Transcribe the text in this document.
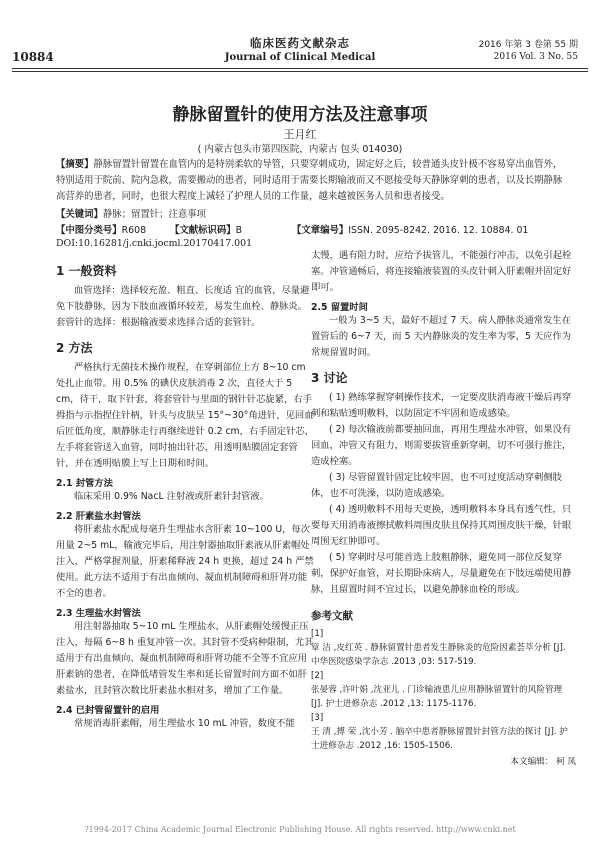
10884
临床医药文献杂志
Journal of Clinical Medical
2016 年第 3 卷第 55 期
2016 Vol. 3 No. 55
静脉留置针的使用方法及注意事项
王月红
( 内蒙古包头市第四医院，内蒙古 包头 014030)
【摘要】静脉留置针留置在血管内的是特别柔软的导管，只要穿刺成功，固定好之后，较普通头皮针极不容易穿出血管外，特别适用于院前、院内急救，需要搬动的患者，同时适用于需要长期输液而又不愿接受每天静脉穿刺的患者，以及长期静脉高营养的患者，同时，也很大程度上减轻了护理人员的工作量，越来越被医务人员和患者接受。
【关键词】静脉；留置针；注意事项
【中图分类号】R608	【文献标识码】B	【文章编号】ISSN. 2095-8242. 2016. 12. 10884. 01
DOI:10.16281/j.cnki.jocml.20170417.001
1 一般资料

血管选择：选择较充盈、粗直、长度适 宜的血管，尽量避免下肢静脉，因为下肢血液循环较差，易发生血栓、静脉炎。套管针的选择：根据输液要求选择合适的套管针。

2 方法

严格执行无菌技术操作规程，在穿刺部位上方 8~10 cm 处扎止血带。用 0.5% 的碘伏皮肤消毒 2 次，直径大于 5 cm，待干，取下针套，将套管针与里面的钢针针芯旋紧，右手拇指与示指捏住针柄，针头与皮肤呈 15°~30°角进针，见回血后匠低角度，顺静脉走行再继续进针 0.2 cm，右手固定针芯，左手将套管送入血管，同时抽出针芯，用透明贴膜固定套管针，并在透明贴膜上写上日期和时间。

2.1 封管方法

临床采用 0.9% NacL 注射液或肝素针封管液。

2.2 肝素盐水封管法

将肝素盐水配成每毫升生理盐水含肝素 10~100 U，每次用量 2~5 mL，输液完毕后，用注射器抽取肝素液从肝素帽处注入，严格掌握剂量，肝素稀释液 24 h 更换，超过 24 h 严禁使用。此方法不适用于有出血倾向、凝血机制障碍和肝肾功能不全的患者。

2.3 生理盐水封管法

用注射器抽取 5~10 mL 生理盐水，从肝素帽处缓慢正压注入，每隔 6~8 h 重复冲管一次。其封管不受病种限制，尤其适用于有出血倾向、凝血机制障碍和肝肾功能不全等不宜应用肝素钠的患者，在降低堵管发生率和延长留置时间方面不如肝素盐水，且封管次数比肝素盐水相对多，增加了工作量。

2.4 已封管留置针的启用

常规消毒肝素帽，用生理盐水 10 mL 冲管，数度不能

太慢，遇有阻力时，应给予拔管儿，不能强行冲击，以免引起栓塞。冲管通畅后，将连接输液装置的头皮针刺入肝素帽并固定好即可。

2.5 留置时间

一般为 3~5 天，最好不超过 7 天。病人静脉炎通常发生在置管后的 6~7 天，而 5 天内静脉炎的发生率为零，5 天应作为常规留置时间。

3 讨论

( 1) 熟练掌握穿刺操作技术，一定要皮肤消毒液干燥后再穿刺和粘贴透明敷料，以防固定不牢固和造成感染。

( 2) 每次输液前都要抽回血，再用生理盐水冲管，如果没有回血，冲管又有阻力，则需要拔管重新穿刺，切不可强行推注，造成栓塞。

( 3) 尽管留置针固定比较牢固，也不可过度活动穿刺侧肢体，也不可洗澡，以防造成感染。

( 4) 透明敷料不用每天更换，透明敷料本身具有透气性，只要每天用消毒液擦拭敷料周围皮肤且保持其周围皮肤干燥，针眼周围无红肿即可。

( 5) 穿刺时尽可能首选上肢粗静脉，避免同一部位反复穿刺，保护好血管，对长期卧床病人，尽量避免在下肢远端使用静脉，且留置时间不宜过长，以避免静脉血栓的形成。

参考文献
[1]章 洁 ,皮红英 . 静脉留置针患者发生静脉炎的危险因素荟萃分析 [J]. 中华医院感染学杂志 .2013 ,03: 517-519.
[2]张晏蓉 ,许叶娟 ,沈亚儿 . 门诊输液患儿应用静脉留置针的风险管理 [J]. 护士进修杂志 .2012 ,13: 1175-1176.
[3]王 清 ,搏 荣 ,沈小芳 . 脑卒中患者静脉留置针封管方法的探讨 [J]. 护士进修杂志 .2012 ,16: 1505-1506.
本文编辑： 柯 凤
?1994-2017 China Academic Journal Electronic Publishing House. All rights reserved. http://www.cnki.net
